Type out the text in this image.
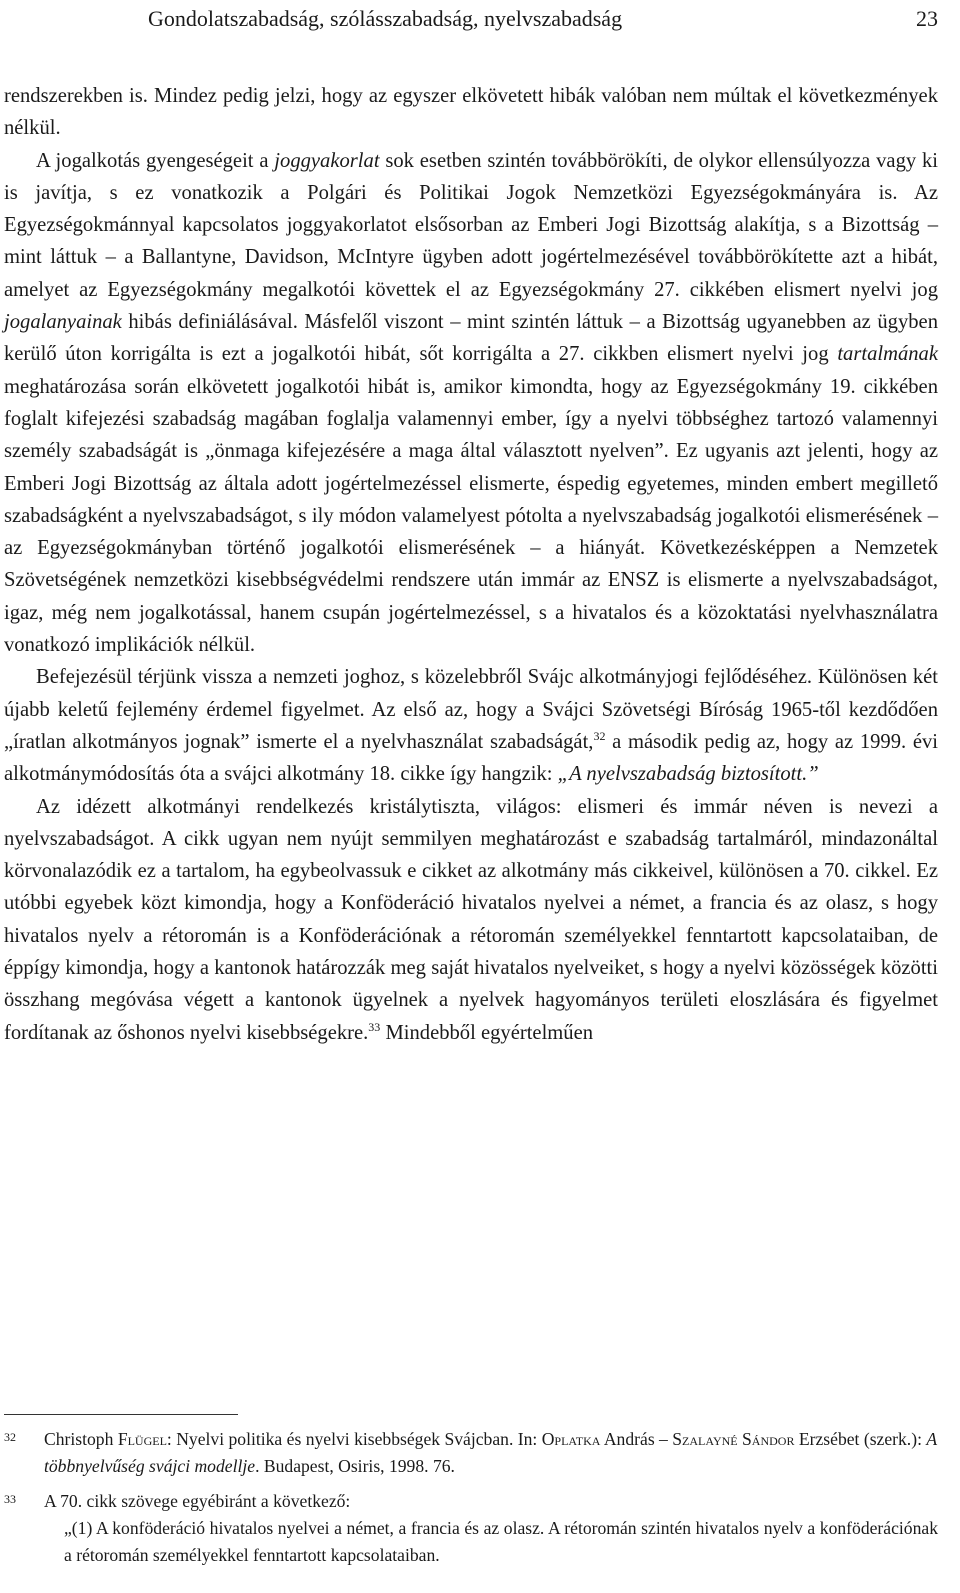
Gondolatszabadság, szólásszabadság, nyelvszabadság	23

rendszerekben is. Mindez pedig jelzi, hogy az egyszer elkövetett hibák valóban nem múltak el következmények nélkül.

A jogalkotás gyengeségeit a joggyakorlat sok esetben szintén továbbörökíti, de olykor ellensúlyozza vagy ki is javítja, s ez vonatkozik a Polgári és Politikai Jogok Nemzetközi Egyezségokmányára is. Az Egyezségokmánnyal kapcsolatos joggyakorlatot elsősorban az Emberi Jogi Bizottság alakítja, s a Bizottság – mint láttuk – a Ballantyne, Davidson, McIntyre ügyben adott jogértelmezésével továbbörökítette azt a hibát, amelyet az Egyezségokmány megalkotói követtek el az Egyezségokmány 27. cikkében elismert nyelvi jog jogalanyainak hibás definiálásával. Másfelől viszont – mint szintén láttuk – a Bizottság ugyanebben az ügyben kerülő úton korrigálta is ezt a jogalkotói hibát, sőt korrigálta a 27. cikkben elismert nyelvi jog tartalmának meghatározása során elkövetett jogalkotói hibát is, amikor kimondta, hogy az Egyezségokmány 19. cikkében foglalt kifejezési szabadság magában foglalja valamennyi ember, így a nyelvi többséghez tartozó valamennyi személy szabadságát is „önmaga kifejezésére a maga által választott nyelven”. Ez ugyanis azt jelenti, hogy az Emberi Jogi Bizottság az általa adott jogértelmezéssel elismerte, éspedig egyetemes, minden embert megillető szabadságként a nyelvszabadságot, s ily módon valamelyest pótolta a nyelvszabadság jogalkotói elismerésének – az Egyezségokmányban történő jogalkotói elismerésének – a hiányát. Következésképpen a Nemzetek Szövetségének nemzetközi kisebbségvédelmi rendszere után immár az ENSZ is elismerte a nyelvszabadságot, igaz, még nem jogalkotással, hanem csupán jogértelmezéssel, s a hivatalos és a közoktatási nyelvhasználatra vonatkozó implikációk nélkül.

Befejezésül térjünk vissza a nemzeti joghoz, s közelebbről Svájc alkotmányjogi fejlődéséhez. Különösen két újabb keletű fejlemény érdemel figyelmet. Az első az, hogy a Svájci Szövetségi Bíróság 1965-től kezdődően „íratlan alkotmányos jognak” ismerte el a nyelvhasználat szabadságát,$^{32}$ a második pedig az, hogy az 1999. évi alkotmánymódosítás óta a svájci alkotmány 18. cikke így hangzik: „A nyelvszabadság biztosított.”

Az idézett alkotmányi rendelkezés kristálytiszta, világos: elismeri és immár néven is nevezi a nyelvszabadságot. A cikk ugyan nem nyújt semmilyen meghatározást e szabadság tartalmáról, mindazonáltal körvonalazódik ez a tartalom, ha egybeolvassuk e cikket az alkotmány más cikkeivel, különösen a 70. cikkel. Ez utóbbi egyebek közt kimondja, hogy a Konföderáció hivatalos nyelvei a német, a francia és az olasz, s hogy hivatalos nyelv a rétoromán is a Konföderációnak a rétoromán személyekkel fenntartott kapcsolataiban, de éppígy kimondja, hogy a kantonok határozzák meg saját hivatalos nyelveiket, s hogy a nyelvi közösségek közötti összhang megóvása végett a kantonok ügyelnek a nyelvek hagyományos területi eloszlására és figyelmet fordítanak az őshonos nyelvi kisebbségekre.$^{33}$ Mindebből egyértelműen

32 Christoph Flügel: Nyelvi politika és nyelvi kisebbségek Svájcban. In: Oplatka András – Szalayné Sándor Erzsébet (szerk.): A többnyelvűség svájci modellje. Budapest, Osiris, 1998. 76.
33 A 70. cikk szövege egyébiránt a következő:
„(1) A konföderáció hivatalos nyelvei a német, a francia és az olasz. A rétoromán szintén hivatalos nyelv a konföderációnak a rétoromán személyekkel fenntartott kapcsolataiban.
